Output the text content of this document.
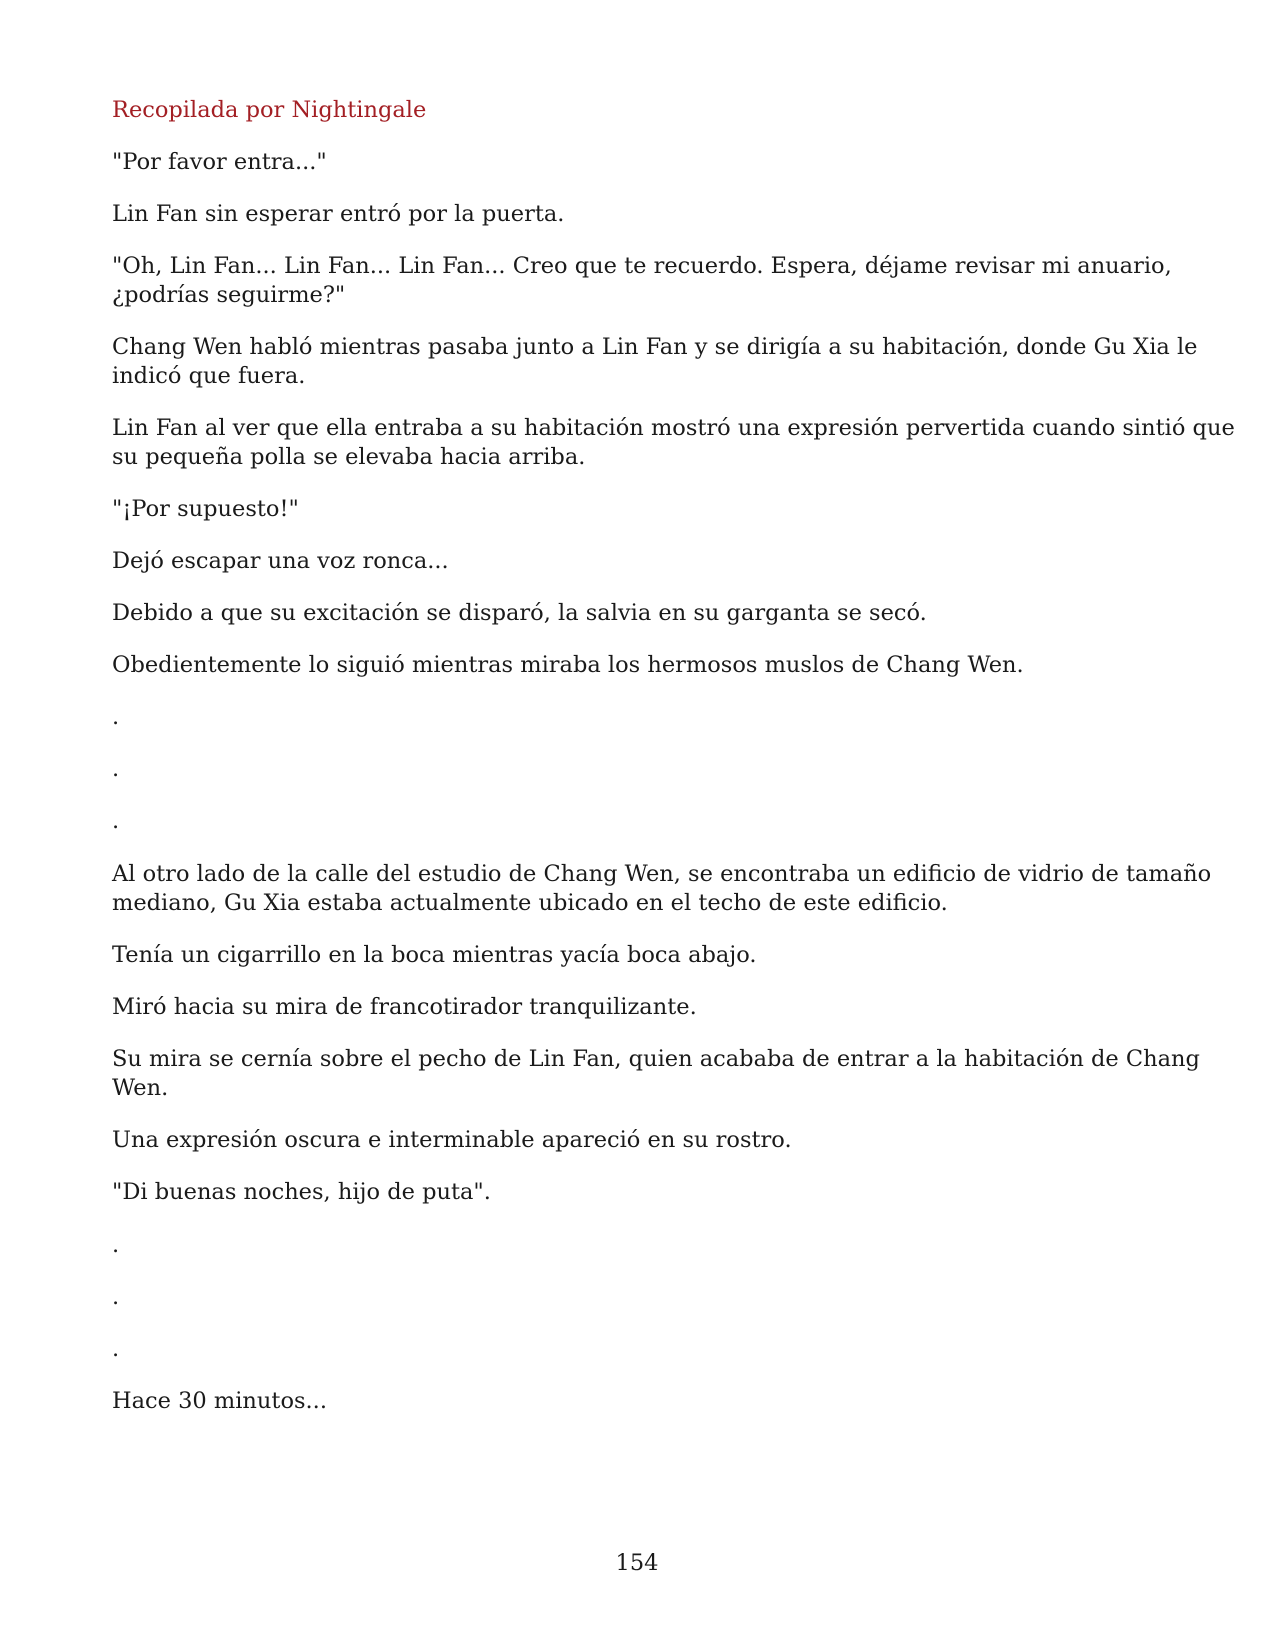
Recopilada por Nightingale

"Por favor entra..."

Lin Fan sin esperar entró por la puerta.

"Oh, Lin Fan... Lin Fan... Lin Fan... Creo que te recuerdo. Espera, déjame revisar mi anuario,

¿podrías seguirme?"

Chang Wen habló mientras pasaba junto a Lin Fan y se dirigía a su habitación, donde Gu Xia le

indicó que fuera.

Lin Fan al ver que ella entraba a su habitación mostró una expresión pervertida cuando sintió que

su pequeña polla se elevaba hacia arriba.

"¡Por supuesto!"

Dejó escapar una voz ronca...

Debido a que su excitación se disparó, la salvia en su garganta se secó.

Obedientemente lo siguió mientras miraba los hermosos muslos de Chang Wen.

.

.

.

Al otro lado de la calle del estudio de Chang Wen, se encontraba un edificio de vidrio de tamaño

mediano, Gu Xia estaba actualmente ubicado en el techo de este edificio.

Tenía un cigarrillo en la boca mientras yacía boca abajo.

Miró hacia su mira de francotirador tranquilizante.

Su mira se cernía sobre el pecho de Lin Fan, quien acababa de entrar a la habitación de Chang

Wen.

Una expresión oscura e interminable apareció en su rostro.

"Di buenas noches, hijo de puta".

.

.

.

Hace 30 minutos...

154
